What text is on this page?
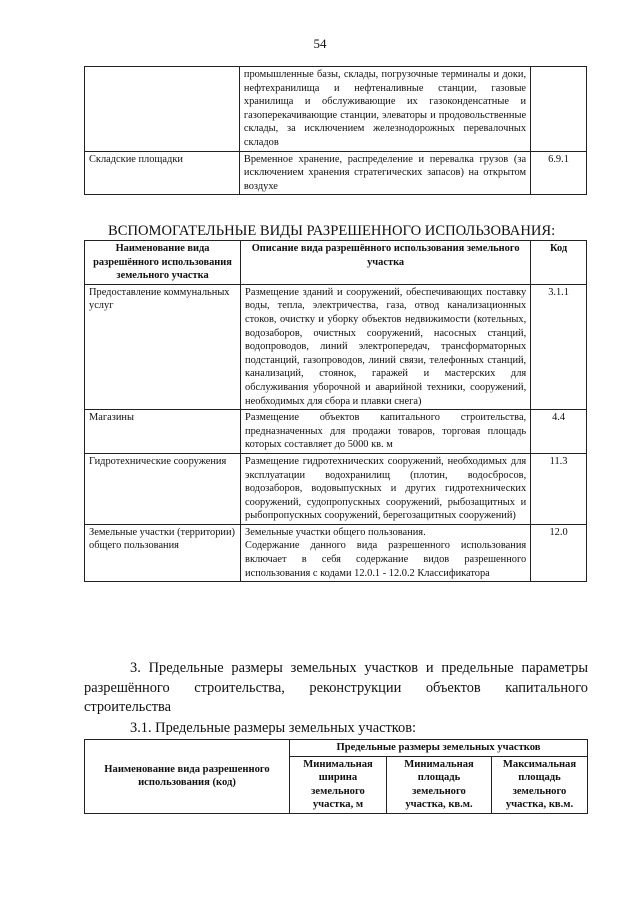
54
	промышленные базы, склады, погрузочные терминалы и доки, нефтехранилища и нефтеналивные станции, газовые хранилища и обслуживающие их газоконденсатные и газоперекачивающие станции, элеваторы и продовольственные склады, за исключением железнодорожных перевалочных складов	
Складские площадки	Временное хранение, распределение и перевалка грузов (за исключением хранения стратегических запасов) на открытом воздухе	6.9.1
ВСПОМОГАТЕЛЬНЫЕ ВИДЫ РАЗРЕШЕННОГО ИСПОЛЬЗОВАНИЯ:
Наименование вида разрешённого использования земельного участка	Описание вида разрешённого использования земельного участка	Код
Предоставление коммунальных услуг	Размещение зданий и сооружений, обеспечивающих поставку воды, тепла, электричества, газа, отвод канализационных стоков, очистку и уборку объектов недвижимости (котельных, водозаборов, очистных сооружений, насосных станций, водопроводов, линий электропередач, трансформаторных подстанций, газопроводов, линий связи, телефонных станций, канализаций, стоянок, гаражей и мастерских для обслуживания уборочной и аварийной техники, сооружений, необходимых для сбора и плавки снега)	3.1.1
Магазины	Размещение объектов капитального строительства, предназначенных для продажи товаров, торговая площадь которых составляет до 5000 кв. м	4.4
Гидротехнические сооружения	Размещение гидротехнических сооружений, необходимых для эксплуатации водохранилищ (плотин, водосбросов, водозаборов, водовыпускных и других гидротехнических сооружений, судопропускных сооружений, рыбозащитных и рыбопропускных сооружений, берегозащитных сооружений)	11.3
Земельные участки (территории) общего пользования	Земельные участки общего пользования.
Содержание данного вида разрешенного использования включает в себя содержание видов разрешенного использования с кодами 12.0.1 - 12.0.2 Классификатора	12.0
3. Предельные размеры земельных участков и предельные параметры разрешённого строительства, реконструкции объектов капитального строительства
3.1. Предельные размеры земельных участков:
Наименование вида разрешенного использования (код)	Предельные размеры земельных участков		
	Минимальная ширина земельного участка, м	Минимальная площадь земельного участка, кв.м.	Максимальная площадь земельного участка, кв.м.
